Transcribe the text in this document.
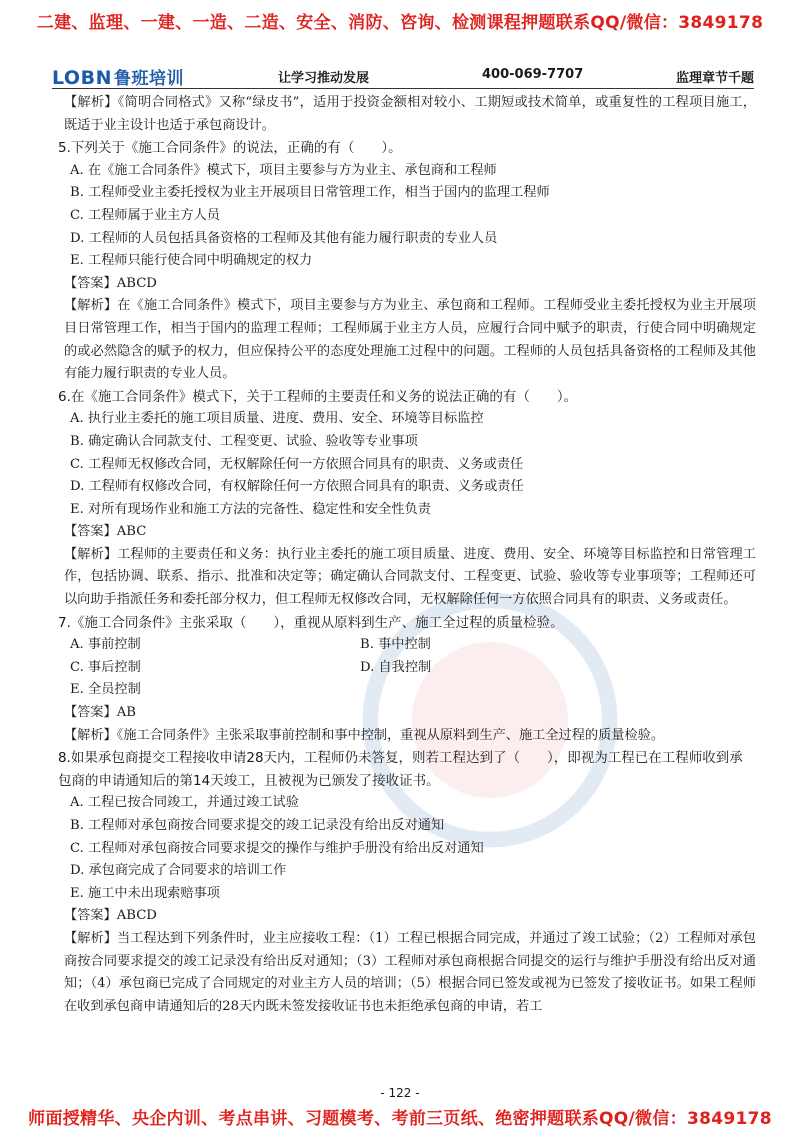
二建、监理、一建、一造、二造、安全、消防、咨询、检测课程押题联系QQ/微信：3849178
LOBN 鲁班培训	让学习推动发展	400-069-7707	监理章节千题

【解析】《简明合同格式》又称“绿皮书”，适用于投资金额相对较小、工期短或技术简单，或重复性的工程项目施工，既适于业主设计也适于承包商设计。

5.下列关于《施工合同条件》的说法，正确的有（　　）。

A. 在《施工合同条件》模式下，项目主要参与方为业主、承包商和工程师

B. 工程师受业主委托授权为业主开展项目日常管理工作，相当于国内的监理工程师

C. 工程师属于业主方人员

D. 工程师的人员包括具备资格的工程师及其他有能力履行职责的专业人员

E. 工程师只能行使合同中明确规定的权力

【答案】ABCD

【解析】在《施工合同条件》模式下，项目主要参与方为业主、承包商和工程师。工程师受业主委托授权为业主开展项目日常管理工作，相当于国内的监理工程师；工程师属于业主方人员，应履行合同中赋予的职责，行使合同中明确规定的或必然隐含的赋予的权力，但应保持公平的态度处理施工过程中的问题。工程师的人员包括具备资格的工程师及其他有能力履行职责的专业人员。

6.在《施工合同条件》模式下，关于工程师的主要责任和义务的说法正确的有（　　）。

A. 执行业主委托的施工项目质量、进度、费用、安全、环境等目标监控

B. 确定确认合同款支付、工程变更、试验、验收等专业事项

C. 工程师无权修改合同，无权解除任何一方依照合同具有的职责、义务或责任

D. 工程师有权修改合同，有权解除任何一方依照合同具有的职责、义务或责任

E. 对所有现场作业和施工方法的完备性、稳定性和安全性负责

【答案】ABC

【解析】工程师的主要责任和义务：执行业主委托的施工项目质量、进度、费用、安全、环境等目标监控和日常管理工作，包括协调、联系、指示、批准和决定等；确定确认合同款支付、工程变更、试验、验收等专业事项等；工程师还可以向助手指派任务和委托部分权力，但工程师无权修改合同，无权解除任何一方依照合同具有的职责、义务或责任。

7.《施工合同条件》主张采取（　　），重视从原料到生产、施工全过程的质量检验。

A. 事前控制	B. 事中控制

C. 事后控制	D. 自我控制

E. 全员控制

【答案】AB

【解析】《施工合同条件》主张采取事前控制和事中控制，重视从原料到生产、施工全过程的质量检验。

8.如果承包商提交工程接收申请28天内，工程师仍未答复，则若工程达到了（　　），即视为工程已在工程师收到承包商的申请通知后的第14天竣工，且被视为已颁发了接收证书。

A. 工程已按合同竣工，并通过竣工试验

B. 工程师对承包商按合同要求提交的竣工记录没有给出反对通知

C. 工程师对承包商按合同要求提交的操作与维护手册没有给出反对通知

D. 承包商完成了合同要求的培训工作

E. 施工中未出现索赔事项

【答案】ABCD

【解析】当工程达到下列条件时，业主应接收工程：（1）工程已根据合同完成，并通过了竣工试验；（2）工程师对承包商按合同要求提交的竣工记录没有给出反对通知；（3）工程师对承包商根据合同提交的运行与维护手册没有给出反对通知；（4）承包商已完成了合同规定的对业主方人员的培训；（5）根据合同已签发或视为已签发了接收证书。如果工程师在收到承包商申请通知后的28天内既未签发接收证书也未拒绝承包商的申请，若工

- 122 -
师面授精华、央企内训、考点串讲、习题模考、考前三页纸、绝密押题联系QQ/微信：3849178
